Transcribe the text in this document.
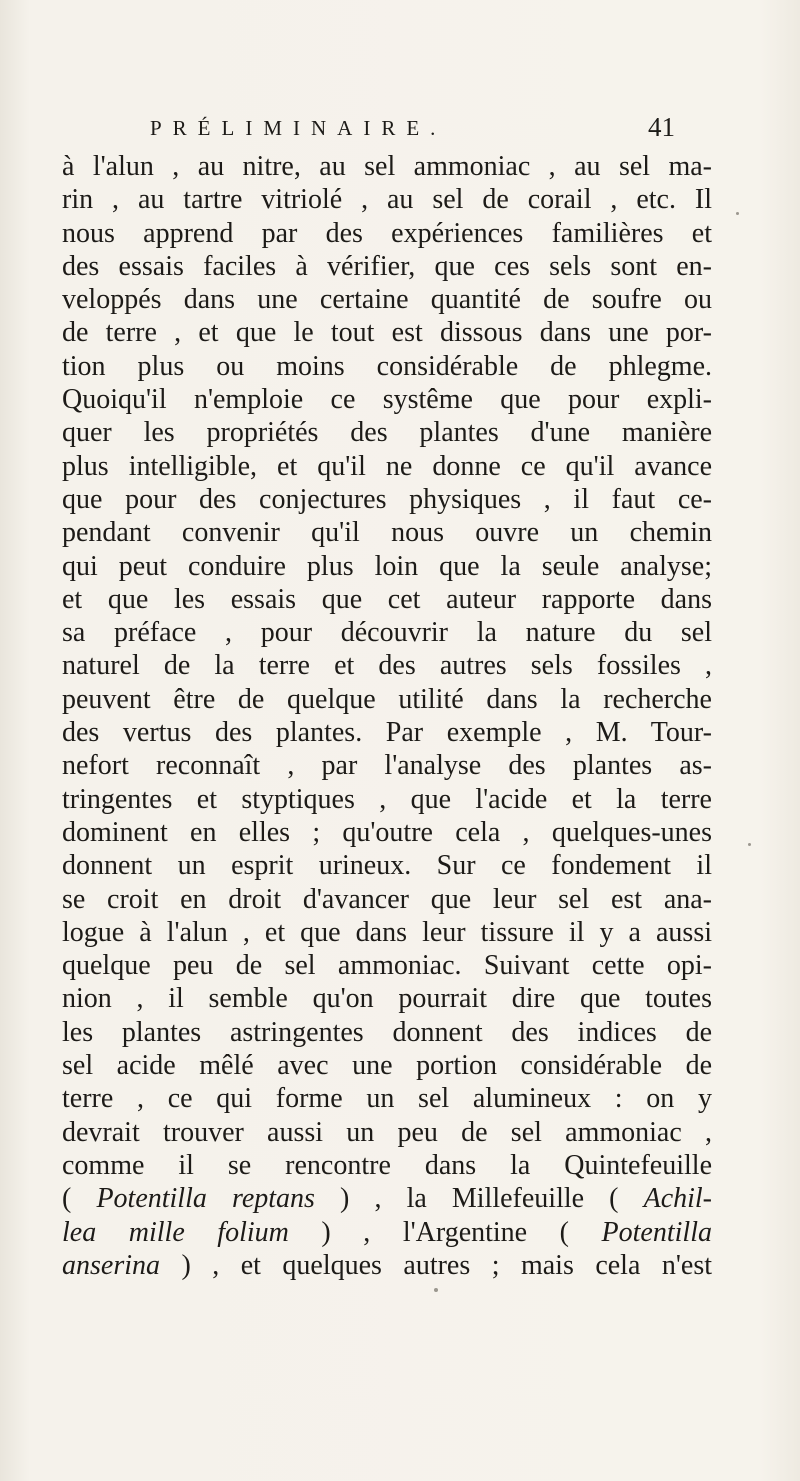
PRÉLIMINAIRE.	41
à l'alun , au nitre, au sel ammoniac , au sel ma-
rin , au tartre vitriolé , au sel de corail , etc. Il
nous apprend par des expériences familières et
des essais faciles à vérifier, que ces sels sont en-
veloppés dans une certaine quantité de soufre ou
de terre , et que le tout est dissous dans une por-
tion plus ou moins considérable de phlegme.
Quoiqu'il n'emploie ce systême que pour expli-
quer les propriétés des plantes d'une manière
plus intelligible, et qu'il ne donne ce qu'il avance
que pour des conjectures physiques , il faut ce-
pendant convenir qu'il nous ouvre un chemin
qui peut conduire plus loin que la seule analyse;
et que les essais que cet auteur rapporte dans
sa préface , pour découvrir la nature du sel
naturel de la terre et des autres sels fossiles ,
peuvent être de quelque utilité dans la recherche
des vertus des plantes. Par exemple , M. Tour-
nefort reconnaît , par l'analyse des plantes as-
tringentes et styptiques , que l'acide et la terre
dominent en elles ; qu'outre cela , quelques-unes
donnent un esprit urineux. Sur ce fondement il
se croit en droit d'avancer que leur sel est ana-
logue à l'alun , et que dans leur tissure il y a aussi
quelque peu de sel ammoniac. Suivant cette opi-
nion , il semble qu'on pourrait dire que toutes
les plantes astringentes donnent des indices de
sel acide mêlé avec une portion considérable de
terre , ce qui forme un sel alumineux : on y
devrait trouver aussi un peu de sel ammoniac ,
comme il se rencontre dans la Quintefeuille
( Potentilla reptans ) , la Millefeuille ( Achil-
lea mille folium ) , l'Argentine ( Potentilla
anserina ) , et quelques autres ; mais cela n'est
